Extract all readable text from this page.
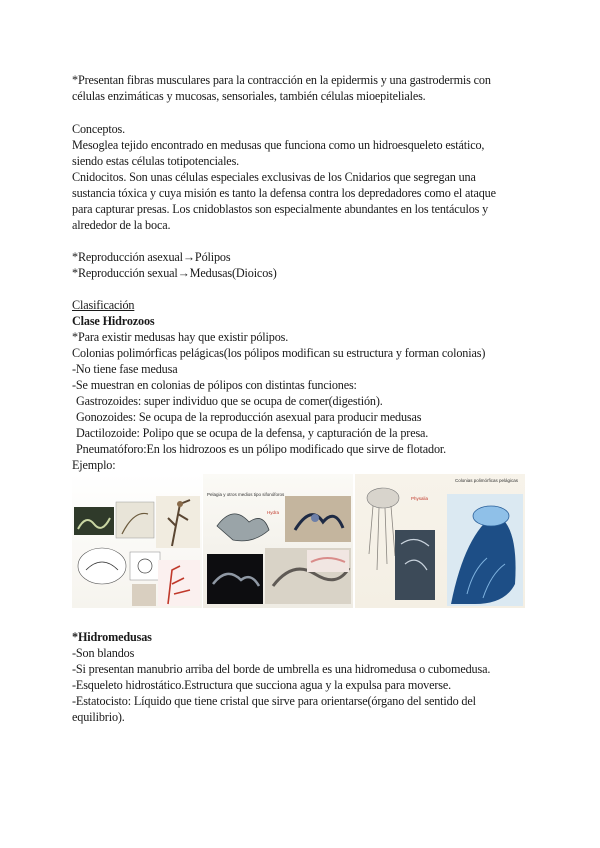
*Presentan fibras musculares para la contracción en la epidermis y una gastrodermis con
células enzimáticas y mucosas, sensoriales, también células mioepiteliales.
Conceptos.
Mesoglea tejido encontrado en medusas que funciona como un hidroesqueleto estático,
siendo estas células totipotenciales.
Cnidocitos. Son unas células especiales exclusivas de los Cnidarios que segregan una
sustancia tóxica y cuya misión es tanto la defensa contra los depredadores como el ataque
para capturar presas. Los cnidoblastos son especialmente abundantes en los tentáculos y
alrededor de la boca.
*Reproducción asexual→Pólipos
*Reproducción sexual→Medusas(Dioicos)
Clasificación
Clase Hidrozoos
*Para existir medusas hay que existir pólipos.
Colonias polimórficas pelágicas(los pólipos modifican su estructura y forman colonias)
-No tiene fase medusa
-Se muestran en colonias de pólipos con distintas funciones:
Gastrozoides: super individuo que se ocupa de comer(digestión).
Gonozoides: Se ocupa de la reproducción asexual para producir medusas
Dactilozoide: Polipo que se ocupa de la defensa, y capturación de la presa.
Pneumatóforo:En los hidrozoos es un pólipo modificado que sirve de flotador.
Ejemplo:
Pelagia y otros medios tipo sifonóforos
Hydra
Colonias polimórficas pelágicas
Physalia
*Hidromedusas
-Son blandos
-Si presentan manubrio arriba del borde de umbrella es una hidromedusa o cubomedusa.
-Esqueleto hidrostático.Estructura que succiona agua y la expulsa para moverse.
-Estatocisto: Líquido que tiene cristal que sirve para orientarse(órgano del sentido del
equilibrio).
